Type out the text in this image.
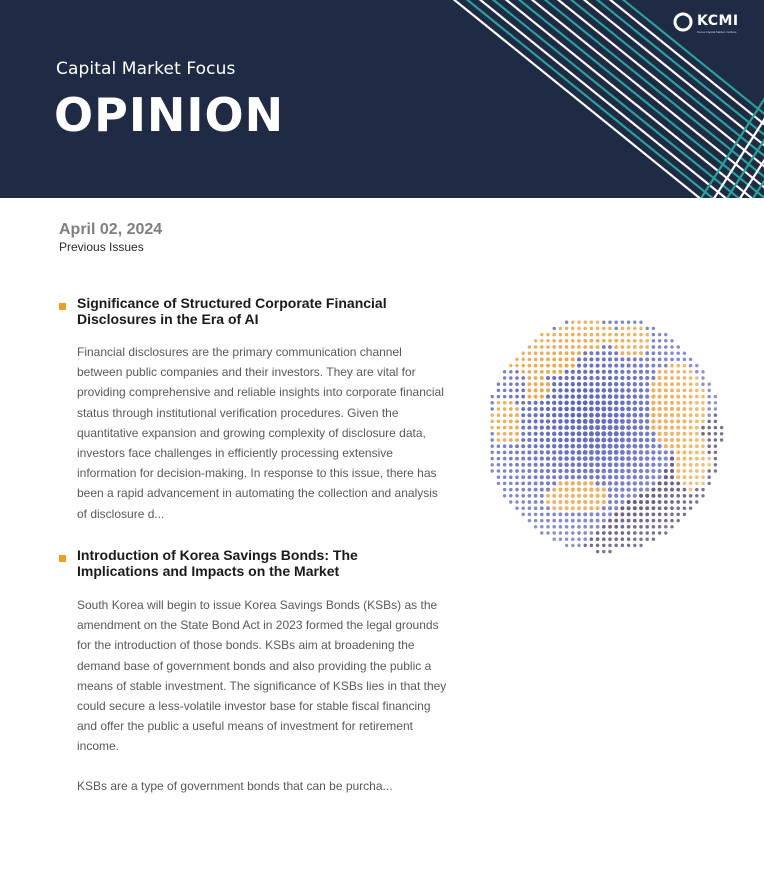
Capital Market Focus
OPINION
KCMI
Korea Capital Market Institute
April 02, 2024
Previous Issues
Significance of Structured Corporate Financial Disclosures in the Era of AI

Financial disclosures are the primary communication channel between public companies and their investors. They are vital for providing comprehensive and reliable insights into corporate financial status through institutional verification procedures. Given the quantitative expansion and growing complexity of disclosure data, investors face challenges in efficiently processing extensive information for decision-making. In response to this issue, there has been a rapid advancement in automating the collection and analysis of disclosure d...

Introduction of Korea Savings Bonds: The Implications and Impacts on the Market

South Korea will begin to issue Korea Savings Bonds (KSBs) as the amendment on the State Bond Act in 2023 formed the legal grounds for the introduction of those bonds. KSBs aim at broadening the demand base of government bonds and also providing the public a means of stable investment. The significance of KSBs lies in that they could secure a less-volatile investor base for stable fiscal financing and offer the public a useful means of investment for retirement income.

KSBs are a type of government bonds that can be purcha...
